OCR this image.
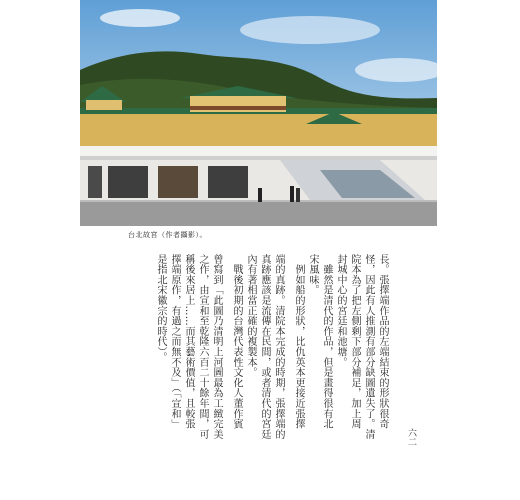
台北故宮（作者攝影）。
長。張擇端作品的左端結束的形狀很奇
怪，因此有人推測有部分缺圖遺失了。清
院本為了把左側剩下部分補足，加上周
封城中心的宮廷和池塘。
　雖然是清代的作品，但是畫得很有北
宋風味。
　例如船的形狀，比仇英本更接近張擇
端的真跡。清院本完成的時期，張擇端的
真跡應該是流傳在民間，或者清代的宮廷
內有著相當正確的複製本。
　戰後初期的台灣代表性文化人董作賓
曾寫到「此圖乃清明上河圖最為工緻完美
之作，由宣和至乾隆六百二十餘年間，可
稱後來居上……而其藝術價值，且較張
擇端原作，有過之而無不及」（「宣和」
是指北宋徽宗的時代）。
六二
